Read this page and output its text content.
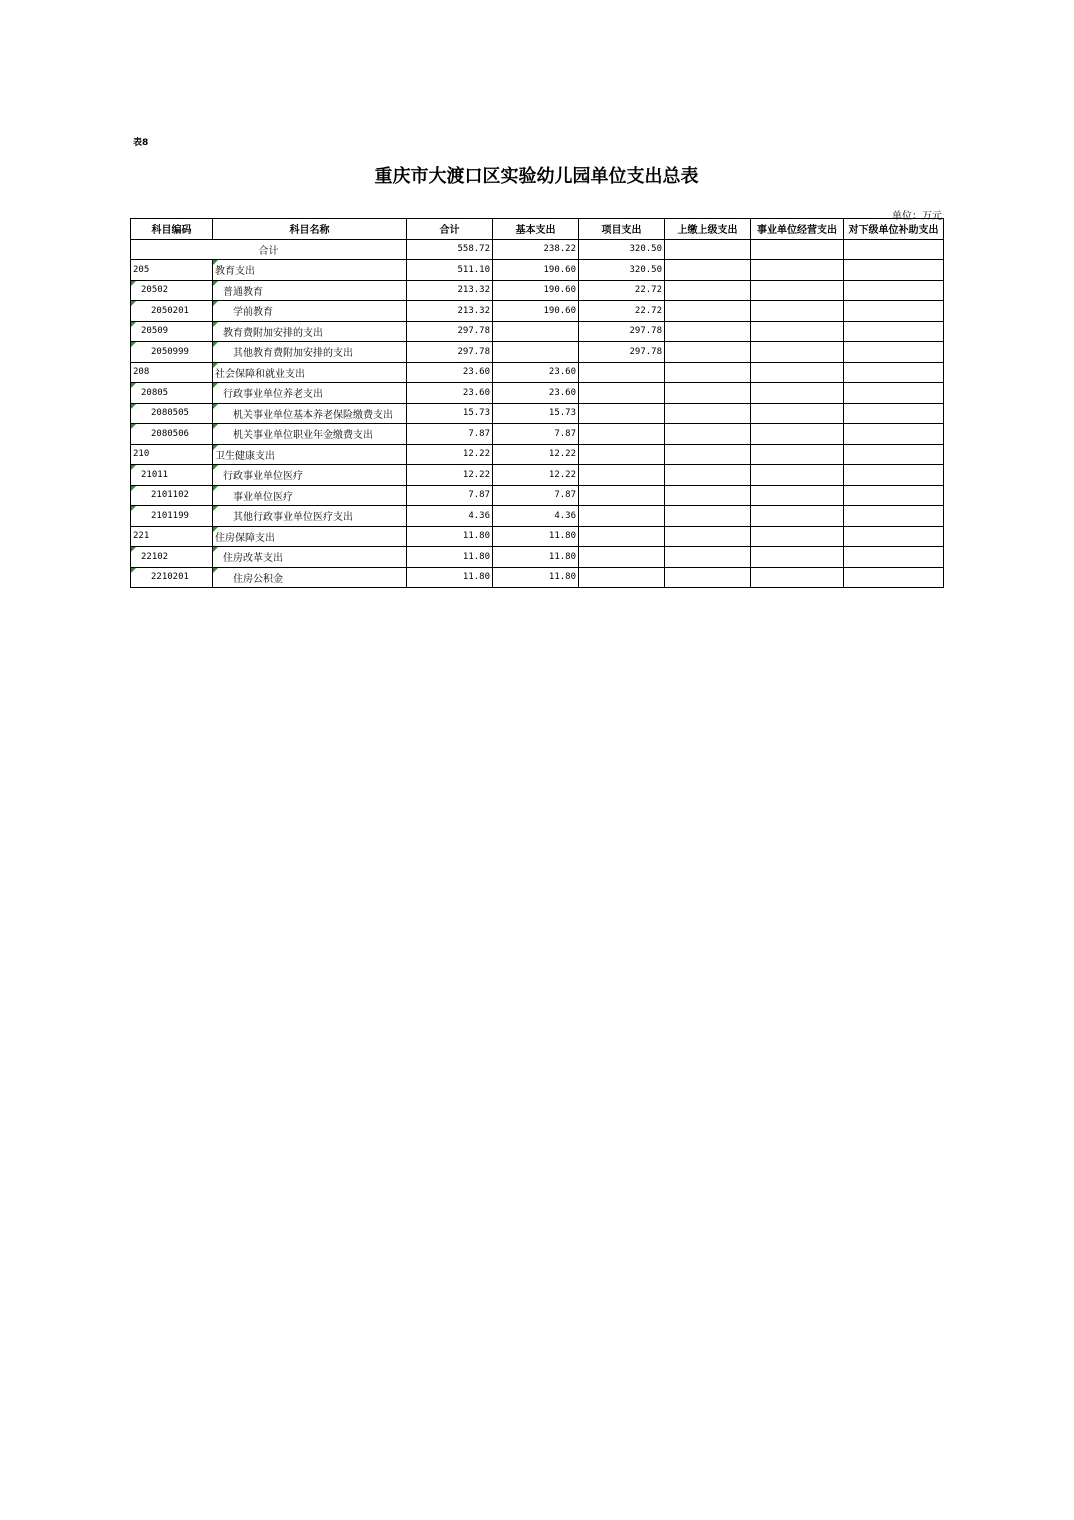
表8
重庆市大渡口区实验幼儿园单位支出总表
单位：万元
科目编码	科目名称	合计	基本支出	项目支出	上缴上级支出	事业单位经营支出	对下级单位补助支出
合计		558.72	238.22	320.50			
205	教育支出	511.10	190.60	320.50			
20502	普通教育	213.32	190.60	22.72			
2050201	学前教育	213.32	190.60	22.72			
20509	教育费附加安排的支出	297.78		297.78			
2050999	其他教育费附加安排的支出	297.78		297.78			
208	社会保障和就业支出	23.60	23.60				
20805	行政事业单位养老支出	23.60	23.60				
2080505	机关事业单位基本养老保险缴费支出	15.73	15.73				
2080506	机关事业单位职业年金缴费支出	7.87	7.87				
210	卫生健康支出	12.22	12.22				
21011	行政事业单位医疗	12.22	12.22				
2101102	事业单位医疗	7.87	7.87				
2101199	其他行政事业单位医疗支出	4.36	4.36				
221	住房保障支出	11.80	11.80				
22102	住房改革支出	11.80	11.80				
2210201	住房公积金	11.80	11.80				
